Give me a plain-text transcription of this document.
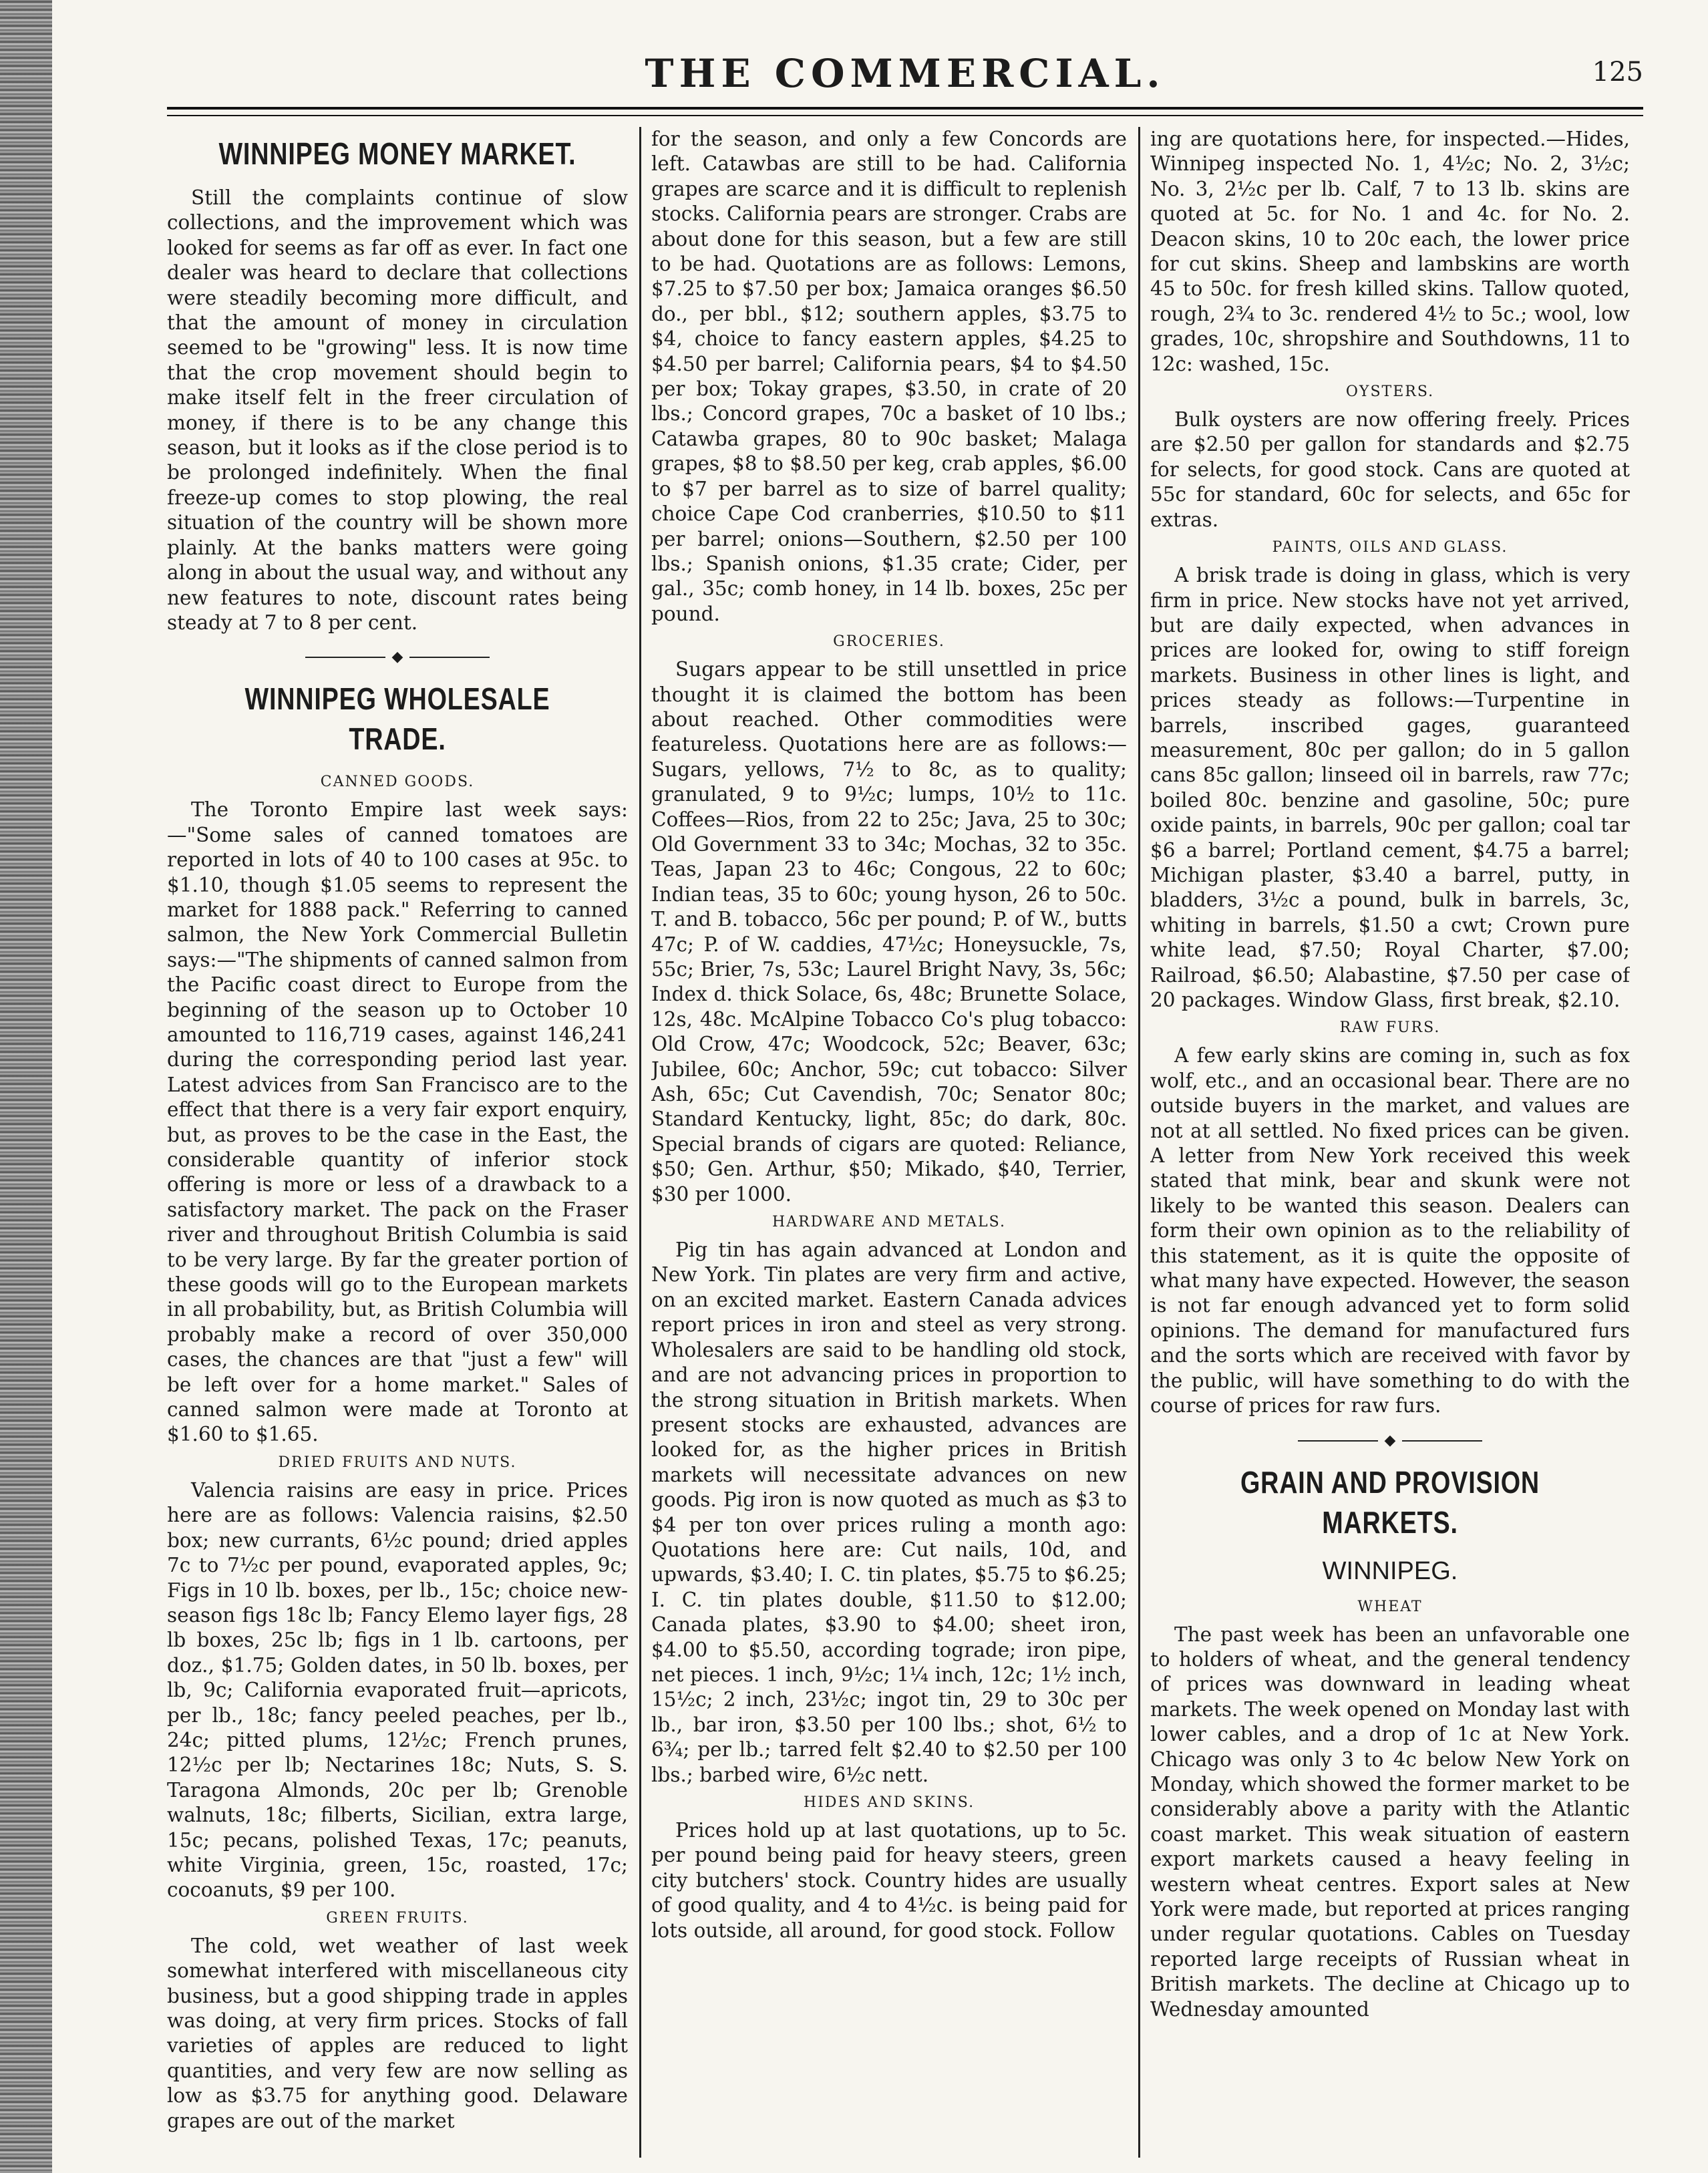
THE COMMERCIAL.	125
WINNIPEG MONEY MARKET.

Still the complaints continue of slow collections, and the improvement which was looked for seems as far off as ever. In fact one dealer was heard to declare that collections were steadily becoming more difficult, and that the amount of money in circulation seemed to be "growing" less. It is now time that the crop movement should begin to make itself felt in the freer circulation of money, if there is to be any change this season, but it looks as if the close period is to be prolonged indefinitely. When the final freeze-up comes to stop plowing, the real situation of the country will be shown more plainly. At the banks matters were going along in about the usual way, and without any new features to note, discount rates being steady at 7 to 8 per cent.

◆
WINNIPEG WHOLESALE TRADE.
CANNED GOODS.

The Toronto Empire last week says:—"Some sales of canned tomatoes are reported in lots of 40 to 100 cases at 95c. to $1.10, though $1.05 seems to represent the market for 1888 pack." Referring to canned salmon, the New York Commercial Bulletin says:—"The shipments of canned salmon from the Pacific coast direct to Europe from the beginning of the season up to October 10 amounted to 116,719 cases, against 146,241 during the corresponding period last year. Latest advices from San Francisco are to the effect that there is a very fair export enquiry, but, as proves to be the case in the East, the considerable quantity of inferior stock offering is more or less of a drawback to a satisfactory market. The pack on the Fraser river and throughout British Columbia is said to be very large. By far the greater portion of these goods will go to the European markets in all probability, but, as British Columbia will probably make a record of over 350,000 cases, the chances are that "just a few" will be left over for a home market." Sales of canned salmon were made at Toronto at $1.60 to $1.65.

DRIED FRUITS AND NUTS.

Valencia raisins are easy in price. Prices here are as follows: Valencia raisins, $2.50 box; new currants, 6½c pound; dried apples 7c to 7½c per pound, evaporated apples, 9c; Figs in 10 lb. boxes, per lb., 15c; choice new-season figs 18c lb; Fancy Elemo layer figs, 28 lb boxes, 25c lb; figs in 1 lb. cartoons, per doz., $1.75; Golden dates, in 50 lb. boxes, per lb, 9c; California evaporated fruit—apricots, per lb., 18c; fancy peeled peaches, per lb., 24c; pitted plums, 12½c; French prunes, 12½c per lb; Nectarines 18c; Nuts, S. S. Taragona Almonds, 20c per lb; Grenoble walnuts, 18c; filberts, Sicilian, extra large, 15c; pecans, polished Texas, 17c; peanuts, white Virginia, green, 15c, roasted, 17c; cocoanuts, $9 per 100.

GREEN FRUITS.

The cold, wet weather of last week somewhat interfered with miscellaneous city business, but a good shipping trade in apples was doing, at very firm prices. Stocks of fall varieties of apples are reduced to light quantities, and very few are now selling as low as $3.75 for anything good. Delaware grapes are out of the market

for the season, and only a few Concords are left. Catawbas are still to be had. California grapes are scarce and it is difficult to replenish stocks. California pears are stronger. Crabs are about done for this season, but a few are still to be had. Quotations are as follows: Lemons, $7.25 to $7.50 per box; Jamaica oranges $6.50 do., per bbl., $12; southern apples, $3.75 to $4, choice to fancy eastern apples, $4.25 to $4.50 per barrel; California pears, $4 to $4.50 per box; Tokay grapes, $3.50, in crate of 20 lbs.; Concord grapes, 70c a basket of 10 lbs.; Catawba grapes, 80 to 90c basket; Malaga grapes, $8 to $8.50 per keg, crab apples, $6.00 to $7 per barrel as to size of barrel quality; choice Cape Cod cranberries, $10.50 to $11 per barrel; onions—Southern, $2.50 per 100 lbs.; Spanish onions, $1.35 crate; Cider, per gal., 35c; comb honey, in 14 lb. boxes, 25c per pound.

GROCERIES.

Sugars appear to be still unsettled in price thought it is claimed the bottom has been about reached. Other commodities were featureless. Quotations here are as follows:—Sugars, yellows, 7½ to 8c, as to quality; granulated, 9 to 9½c; lumps, 10½ to 11c. Coffees—Rios, from 22 to 25c; Java, 25 to 30c; Old Government 33 to 34c; Mochas, 32 to 35c. Teas, Japan 23 to 46c; Congous, 22 to 60c; Indian teas, 35 to 60c; young hyson, 26 to 50c. T. and B. tobacco, 56c per pound; P. of W., butts 47c; P. of W. caddies, 47½c; Honeysuckle, 7s, 55c; Brier, 7s, 53c; Laurel Bright Navy, 3s, 56c; Index d. thick Solace, 6s, 48c; Brunette Solace, 12s, 48c. McAlpine Tobacco Co's plug tobacco: Old Crow, 47c; Woodcock, 52c; Beaver, 63c; Jubilee, 60c; Anchor, 59c; cut tobacco: Silver Ash, 65c; Cut Cavendish, 70c; Senator 80c; Standard Kentucky, light, 85c; do dark, 80c. Special brands of cigars are quoted: Reliance, $50; Gen. Arthur, $50; Mikado, $40, Terrier, $30 per 1000.

HARDWARE AND METALS.

Pig tin has again advanced at London and New York. Tin plates are very firm and active, on an excited market. Eastern Canada advices report prices in iron and steel as very strong. Wholesalers are said to be handling old stock, and are not advancing prices in proportion to the strong situation in British markets. When present stocks are exhausted, advances are looked for, as the higher prices in British markets will necessitate advances on new goods. Pig iron is now quoted as much as $3 to $4 per ton over prices ruling a month ago: Quotations here are: Cut nails, 10d, and upwards, $3.40; I. C. tin plates, $5.75 to $6.25; I. C. tin plates double, $11.50 to $12.00; Canada plates, $3.90 to $4.00; sheet iron, $4.00 to $5.50, according tograde; iron pipe, net pieces. 1 inch, 9½c; 1¼ inch, 12c; 1½ inch, 15½c; 2 inch, 23½c; ingot tin, 29 to 30c per lb., bar iron, $3.50 per 100 lbs.; shot, 6½ to 6¾; per lb.; tarred felt $2.40 to $2.50 per 100 lbs.; barbed wire, 6½c nett.

HIDES AND SKINS.

Prices hold up at last quotations, up to 5c. per pound being paid for heavy steers, green city butchers' stock. Country hides are usually of good quality, and 4 to 4½c. is being paid for lots outside, all around, for good stock. Follow

ing are quotations here, for inspected.—Hides, Winnipeg inspected No. 1, 4½c; No. 2, 3½c; No. 3, 2½c per lb. Calf, 7 to 13 lb. skins are quoted at 5c. for No. 1 and 4c. for No. 2. Deacon skins, 10 to 20c each, the lower price for cut skins. Sheep and lambskins are worth 45 to 50c. for fresh killed skins. Tallow quoted, rough, 2¾ to 3c. rendered 4½ to 5c.; wool, low grades, 10c, shropshire and Southdowns, 11 to 12c: washed, 15c.

OYSTERS.

Bulk oysters are now offering freely. Prices are $2.50 per gallon for standards and $2.75 for selects, for good stock. Cans are quoted at 55c for standard, 60c for selects, and 65c for extras.

PAINTS, OILS AND GLASS.

A brisk trade is doing in glass, which is very firm in price. New stocks have not yet arrived, but are daily expected, when advances in prices are looked for, owing to stiff foreign markets. Business in other lines is light, and prices steady as follows:—Turpentine in barrels, inscribed gages, guaranteed measurement, 80c per gallon; do in 5 gallon cans 85c gallon; linseed oil in barrels, raw 77c; boiled 80c. benzine and gasoline, 50c; pure oxide paints, in barrels, 90c per gallon; coal tar $6 a barrel; Portland cement, $4.75 a barrel; Michigan plaster, $3.40 a barrel, putty, in bladders, 3½c a pound, bulk in barrels, 3c, whiting in barrels, $1.50 a cwt; Crown pure white lead, $7.50; Royal Charter, $7.00; Railroad, $6.50; Alabastine, $7.50 per case of 20 packages. Window Glass, first break, $2.10.

RAW FURS.

A few early skins are coming in, such as fox wolf, etc., and an occasional bear. There are no outside buyers in the market, and values are not at all settled. No fixed prices can be given. A letter from New York received this week stated that mink, bear and skunk were not likely to be wanted this season. Dealers can form their own opinion as to the reliability of this statement, as it is quite the opposite of what many have expected. However, the season is not far enough advanced yet to form solid opinions. The demand for manufactured furs and the sorts which are received with favor by the public, will have something to do with the course of prices for raw furs.

◆
GRAIN AND PROVISION MARKETS.
WINNIPEG.
WHEAT

The past week has been an unfavorable one to holders of wheat, and the general tendency of prices was downward in leading wheat markets. The week opened on Monday last with lower cables, and a drop of 1c at New York. Chicago was only 3 to 4c below New York on Monday, which showed the former market to be considerably above a parity with the Atlantic coast market. This weak situation of eastern export markets caused a heavy feeling in western wheat centres. Export sales at New York were made, but reported at prices ranging under regular quotations. Cables on Tuesday reported large receipts of Russian wheat in British markets. The decline at Chicago up to Wednesday amounted
